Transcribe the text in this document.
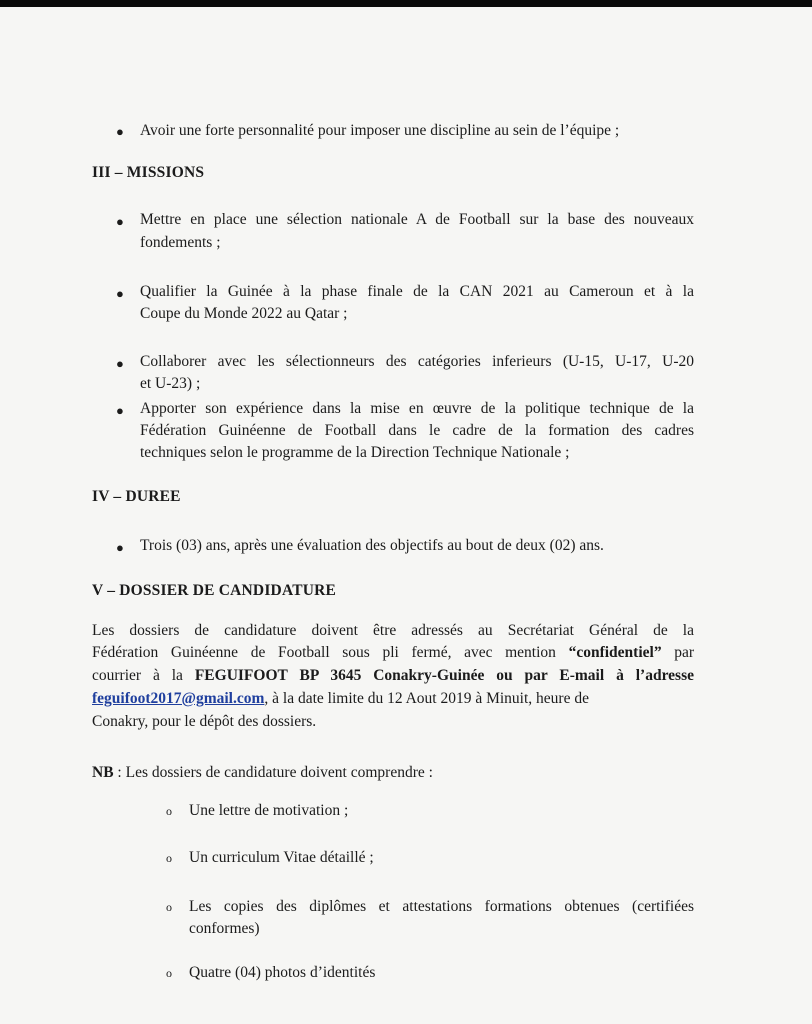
● Avoir une forte personnalité pour imposer une discipline au sein de l’équipe ;
III – MISSIONS
● Mettre en place une sélection nationale A de Football sur la base des nouveaux
fondements ;
● Qualifier la Guinée à la phase finale de la CAN 2021 au Cameroun et à la
Coupe du Monde 2022 au Qatar ;
● Collaborer avec les sélectionneurs des catégories inferieurs (U-15, U-17, U-20
et U-23) ;
● Apporter son expérience dans la mise en œuvre de la politique technique de la
Fédération Guinéenne de Football dans le cadre de la formation des cadres
techniques selon le programme de la Direction Technique Nationale ;
IV – DUREE
● Trois (03) ans, après une évaluation des objectifs au bout de deux (02) ans.
V – DOSSIER DE CANDIDATURE
Les dossiers de candidature doivent être adressés au Secrétariat Général de la
Fédération Guinéenne de Football sous pli fermé, avec mention “confidentiel” par
courrier à la FEGUIFOOT BP 3645 Conakry-Guinée ou par E-mail à l’adresse
feguifoot2017@gmail.com, à la date limite du 12 Aout 2019 à Minuit, heure de
Conakry, pour le dépôt des dossiers.
NB : Les dossiers de candidature doivent comprendre :
o Une lettre de motivation ;
o Un curriculum Vitae détaillé ;
o Les copies des diplômes et attestations formations obtenues (certifiées
conformes)
o Quatre (04) photos d’identités
